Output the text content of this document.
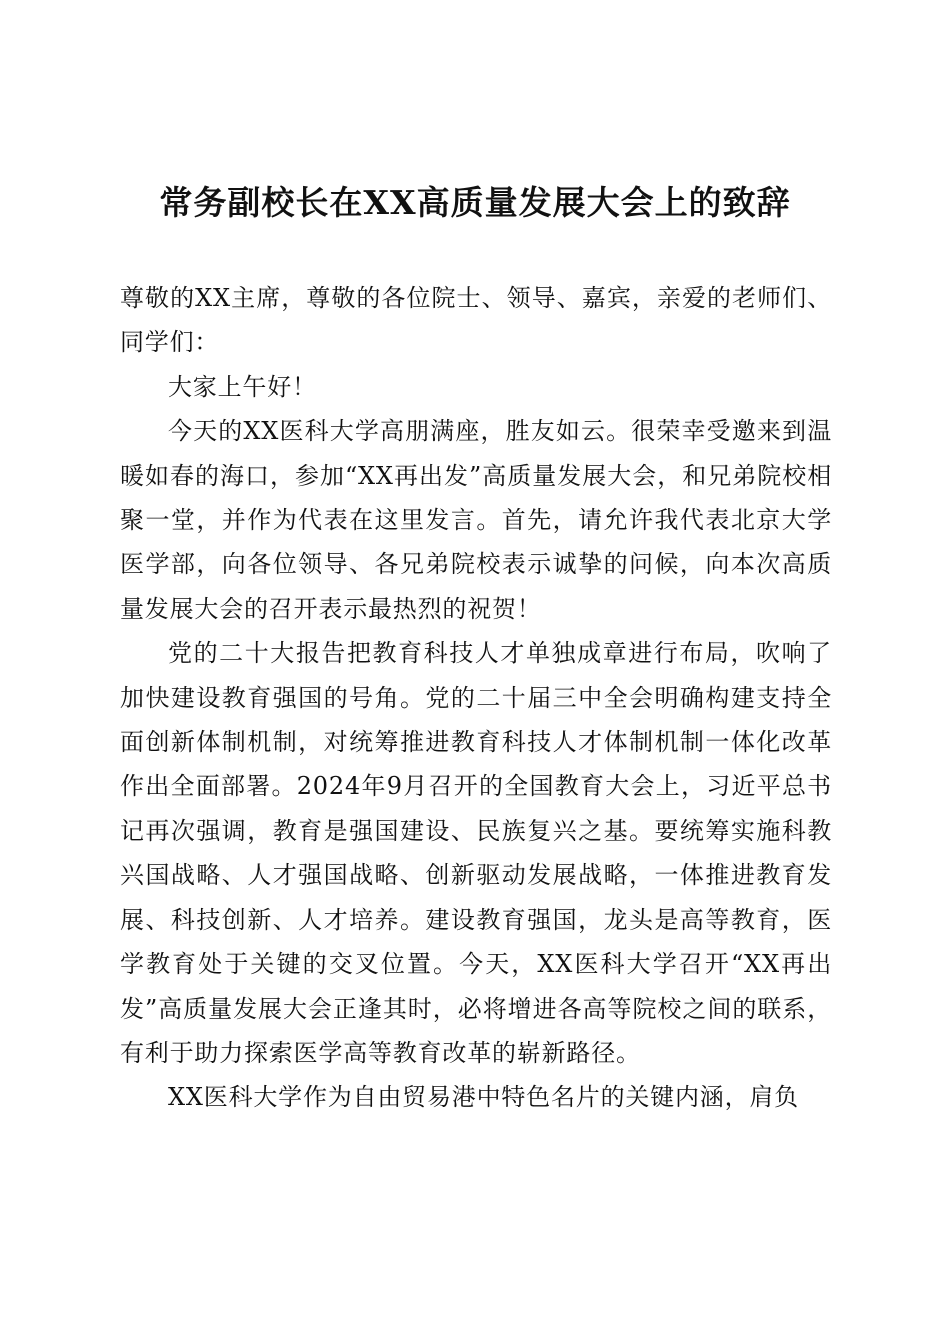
常务副校长在XX高质量发展大会上的致辞

尊敬的XX主席，尊敬的各位院士、领导、嘉宾，亲爱的老师们、同学们：

大家上午好！

今天的XX医科大学高朋满座，胜友如云。很荣幸受邀来到温暖如春的海口，参加“XX再出发”高质量发展大会，和兄弟院校相聚一堂，并作为代表在这里发言。首先，请允许我代表北京大学医学部，向各位领导、各兄弟院校表示诚挚的问候，向本次高质量发展大会的召开表示最热烈的祝贺！

党的二十大报告把教育科技人才单独成章进行布局，吹响了加快建设教育强国的号角。党的二十届三中全会明确构建支持全面创新体制机制，对统筹推进教育科技人才体制机制一体化改革作出全面部署。2024年9月召开的全国教育大会上，习近平总书记再次强调，教育是强国建设、民族复兴之基。要统筹实施科教兴国战略、人才强国战略、创新驱动发展战略，一体推进教育发展、科技创新、人才培养。建设教育强国，龙头是高等教育，医学教育处于关键的交叉位置。今天，XX医科大学召开“XX再出发”高质量发展大会正逢其时，必将增进各高等院校之间的联系，有利于助力探索医学高等教育改革的崭新路径。

XX医科大学作为自由贸易港中特色名片的关键内涵，肩负
